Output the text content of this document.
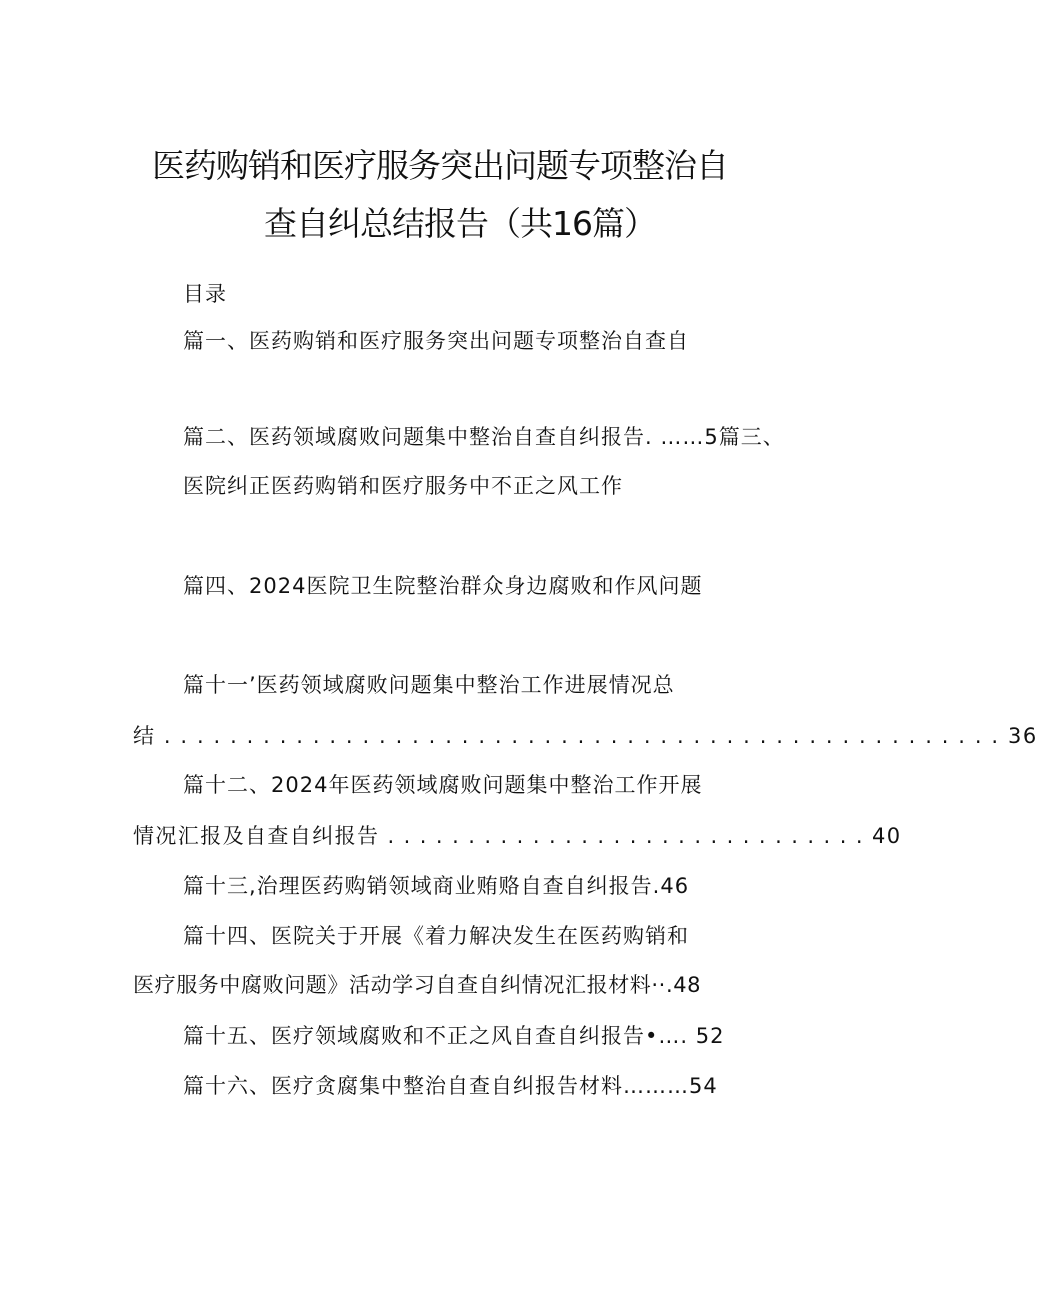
医药购销和医疗服务突出问题专项整治自
查自纠总结报告（共16篇）
目录
篇一、医药购销和医疗服务突出问题专项整治自查自
篇二、医药领域腐败问题集中整治自查自纠报告. ……5篇三、
医院纠正医药购销和医疗服务中不正之风工作
篇四、2024医院卫生院整治群众身边腐败和作风问题
篇十一’医药领域腐败问题集中整治工作进展情况总
结 . . . . . . . . . . . . . . . . . . . . . . . . . . . . . . . . . . . . . . . . . . . . . . . . . . . 36
篇十二、2024年医药领域腐败问题集中整治工作开展
情况汇报及自查自纠报告 . . . . . . . . . . . . . . . . . . . . . . . . . . . . . . 40
篇十三,治理医药购销领域商业贿赂自查自纠报告.46
篇十四、医院关于开展《着力解决发生在医药购销和
医疗服务中腐败问题》活动学习自查自纠情况汇报材料··.48
篇十五、医疗领域腐败和不正之风自查自纠报告•…. 52
篇十六、医疗贪腐集中整治自查自纠报告材料………54
